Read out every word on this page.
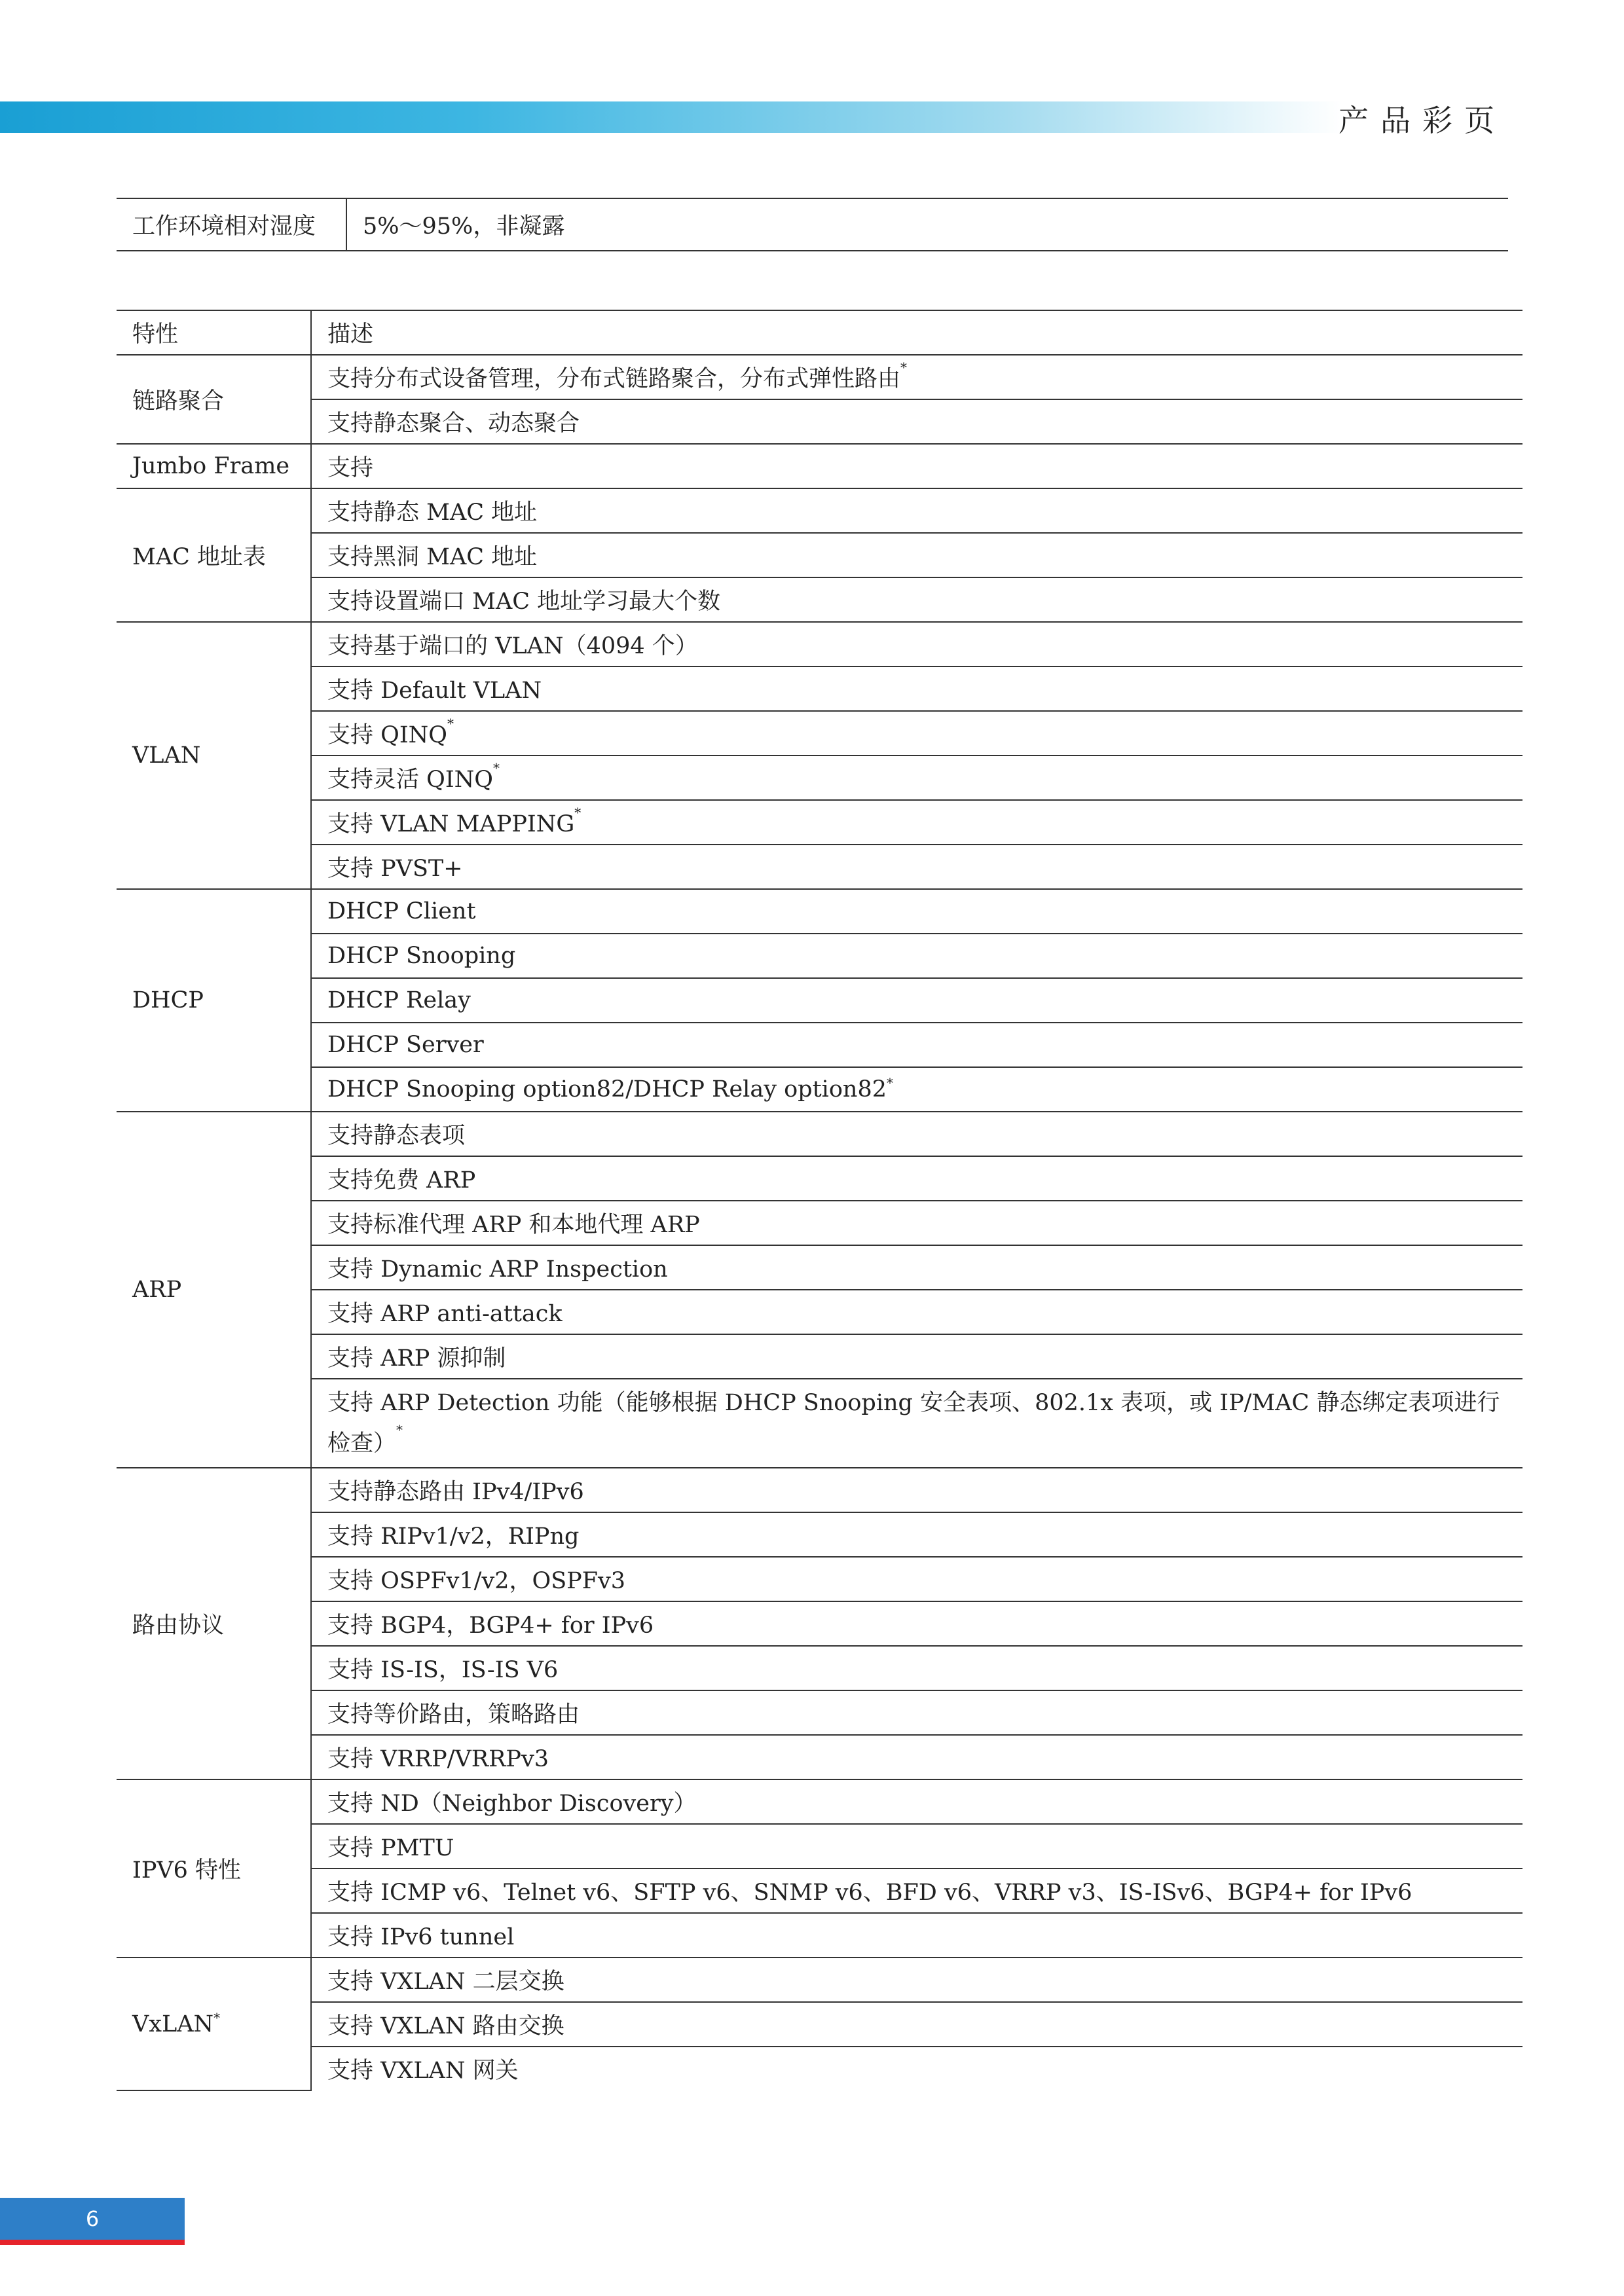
产品彩页
工作环境相对湿度	5%～95%，非凝露
特性	描述
链路聚合	支持分布式设备管理，分布式链路聚合，分布式弹性路由*
	支持静态聚合、动态聚合
Jumbo Frame	支持
MAC 地址表	支持静态 MAC 地址
	支持黑洞 MAC 地址
	支持设置端口 MAC 地址学习最大个数
VLAN	支持基于端口的 VLAN（4094 个）
	支持 Default VLAN
	支持 QINQ*
	支持灵活 QINQ*
	支持 VLAN MAPPING*
	支持 PVST+
DHCP	DHCP Client
	DHCP Snooping
	DHCP Relay
	DHCP Server
	DHCP Snooping option82/DHCP Relay option82*
ARP	支持静态表项
	支持免费 ARP
	支持标准代理 ARP 和本地代理 ARP
	支持 Dynamic ARP Inspection
	支持 ARP anti-attack
	支持 ARP 源抑制
	支持 ARP Detection 功能（能够根据 DHCP Snooping 安全表项、802.1x 表项，或 IP/MAC 静态绑定表项进行检查）*
路由协议	支持静态路由 IPv4/IPv6
	支持 RIPv1/v2，RIPng
	支持 OSPFv1/v2，OSPFv3
	支持 BGP4，BGP4+ for IPv6
	支持 IS-IS，IS-IS V6
	支持等价路由，策略路由
	支持 VRRP/VRRPv3
IPV6 特性	支持 ND（Neighbor Discovery）
	支持 PMTU
	支持 ICMP v6、Telnet v6、SFTP v6、SNMP v6、BFD v6、VRRP v3、IS-ISv6、BGP4+ for IPv6
	支持 IPv6 tunnel
VxLAN*	支持 VXLAN 二层交换
	支持 VXLAN 路由交换
	支持 VXLAN 网关
6
